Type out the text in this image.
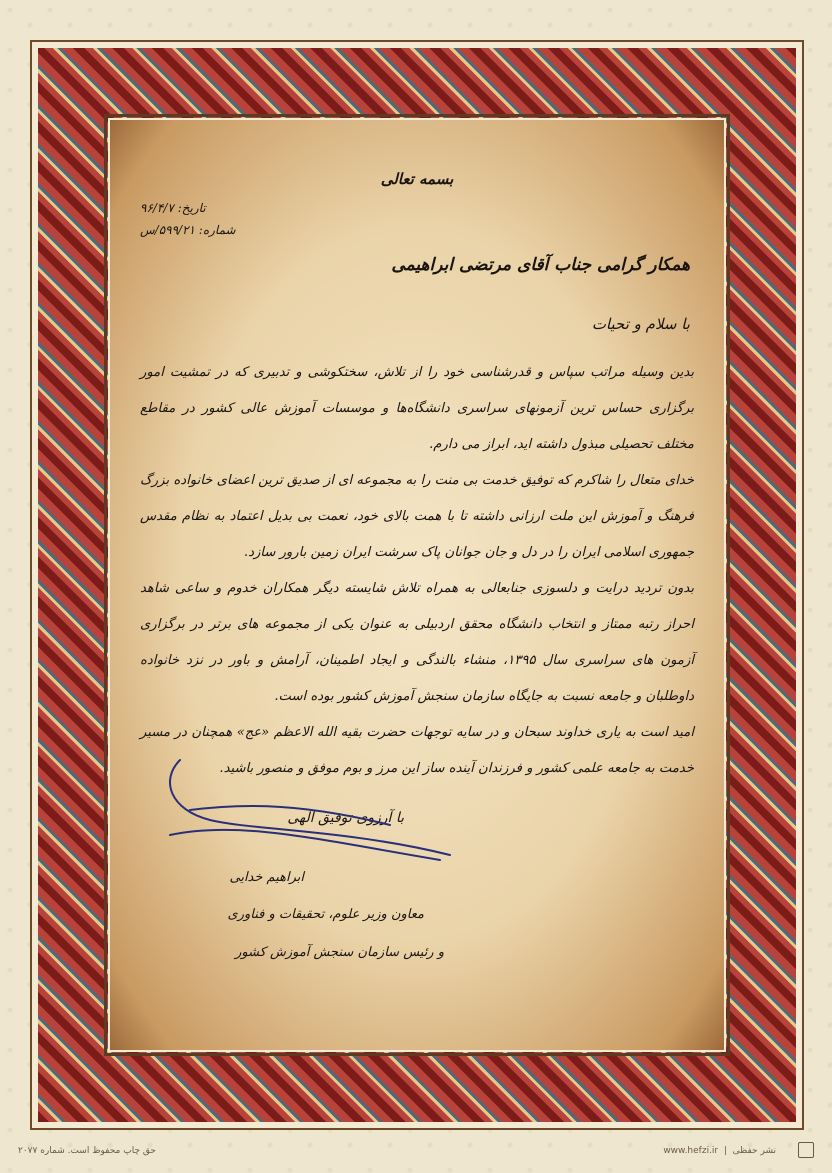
بسمه تعالی
تاریخ: ۹۶/۴/۷
شماره: ۵۹۹/۲۱/س
همکار گرامی جناب آقای مرتضی ابراهیمی
با سلام و تحیات

بدین وسیله مراتب سپاس و قدرشناسی خود را از تلاش، سختکوشی و تدبیری که در تمشیت امور برگزاری حساس ترین آزمونهای سراسری دانشگاه‌ها و موسسات آموزش عالی کشور در مقاطع مختلف تحصیلی مبذول داشته اید، ابراز می دارم.

خدای متعال را شاکرم که توفیق خدمت بی منت را به مجموعه ای از صدیق ترین اعضای خانواده بزرگ فرهنگ و آموزش این ملت ارزانی داشته تا با همت بالای خود، نعمت بی بدیل اعتماد به نظام مقدس جمهوری اسلامی ایران را در دل و جان جوانان پاک سرشت ایران زمین بارور سازد.

بدون تردید درایت و دلسوزی جنابعالی به همراه تلاش شایسته دیگر همکاران خدوم و ساعی شاهد احراز رتبه ممتاز و انتخاب دانشگاه محقق اردبیلی به عنوان یکی از مجموعه های برتر در برگزاری آزمون های سراسری سال ۱۳۹۵، منشاء بالندگی و ایجاد اطمینان، آرامش و باور در نزد خانواده داوطلبان و جامعه نسبت به جایگاه سازمان سنجش آموزش کشور بوده است.

امید است به یاری خداوند سبحان و در سایه توجهات حضرت بقیه الله الاعظم «عج» همچنان در مسیر خدمت به جامعه علمی کشور و فرزندان آینده ساز این مرز و بوم موفق و منصور باشید.

با آرزوی توفیق الهی
ابراهیم خدایی
معاون وزیر علوم، تحقیقات و فناوری
و رئیس سازمان سنجش آموزش کشور
حق چاپ محفوظ است. شماره ۲۰۷۷	www.hefzi.ir  |  نشر حفظی
